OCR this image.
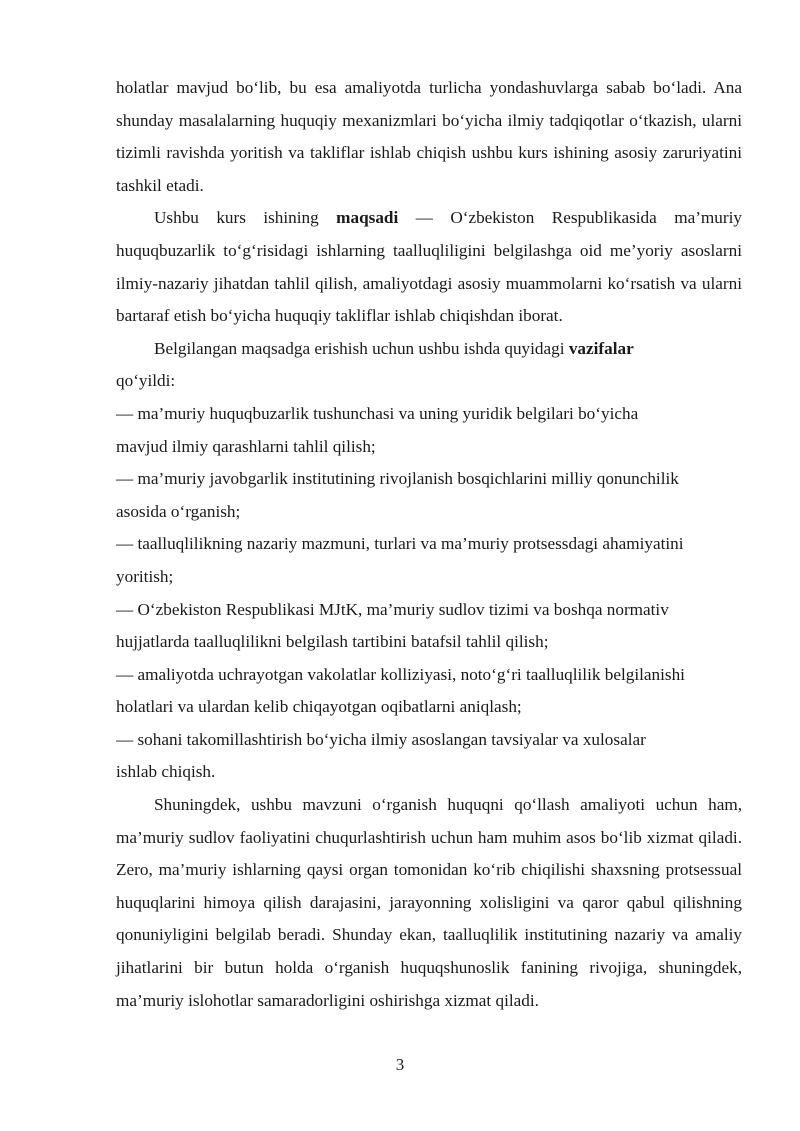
holatlar mavjud bo‘lib, bu esa amaliyotda turlicha yondashuvlarga sabab bo‘ladi. Ana shunday masalalarning huquqiy mexanizmlari bo‘yicha ilmiy tadqiqotlar o‘tkazish, ularni tizimli ravishda yoritish va takliflar ishlab chiqish ushbu kurs ishining asosiy zaruriyatini tashkil etadi.

Ushbu kurs ishining maqsadi — O‘zbekiston Respublikasida ma’muriy huquqbuzarlik to‘g‘risidagi ishlarning taalluqliligini belgilashga oid me’yoriy asoslarni ilmiy-nazariy jihatdan tahlil qilish, amaliyotdagi asosiy muammolarni ko‘rsatish va ularni bartaraf etish bo‘yicha huquqiy takliflar ishlab chiqishdan iborat.

Belgilangan maqsadga erishish uchun ushbu ishda quyidagi vazifalar

qo‘yildi:

— ma’muriy huquqbuzarlik tushunchasi va uning yuridik belgilari bo‘yicha
mavjud ilmiy qarashlarni tahlil qilish;
— ma’muriy javobgarlik institutining rivojlanish bosqichlarini milliy qonunchilik
asosida o‘rganish;
— taalluqlilikning nazariy mazmuni, turlari va ma’muriy protsessdagi ahamiyatini
yoritish;
— O‘zbekiston Respublikasi MJtK, ma’muriy sudlov tizimi va boshqa normativ
hujjatlarda taalluqlilikni belgilash tartibini batafsil tahlil qilish;
— amaliyotda uchrayotgan vakolatlar kolliziyasi, noto‘g‘ri taalluqlilik belgilanishi
holatlari va ulardan kelib chiqayotgan oqibatlarni aniqlash;
— sohani takomillashtirish bo‘yicha ilmiy asoslangan tavsiyalar va xulosalar
ishlab chiqish.

Shuningdek, ushbu mavzuni o‘rganish huquqni qo‘llash amaliyoti uchun ham, ma’muriy sudlov faoliyatini chuqurlashtirish uchun ham muhim asos bo‘lib xizmat qiladi. Zero, ma’muriy ishlarning qaysi organ tomonidan ko‘rib chiqilishi shaxsning protsessual huquqlarini himoya qilish darajasini, jarayonning xolisligini va qaror qabul qilishning qonuniyligini belgilab beradi. Shunday ekan, taalluqlilik institutining nazariy va amaliy jihatlarini bir butun holda o‘rganish huquqshunoslik fanining rivojiga, shuningdek, ma’muriy islohotlar samaradorligini oshirishga xizmat qiladi.

3
